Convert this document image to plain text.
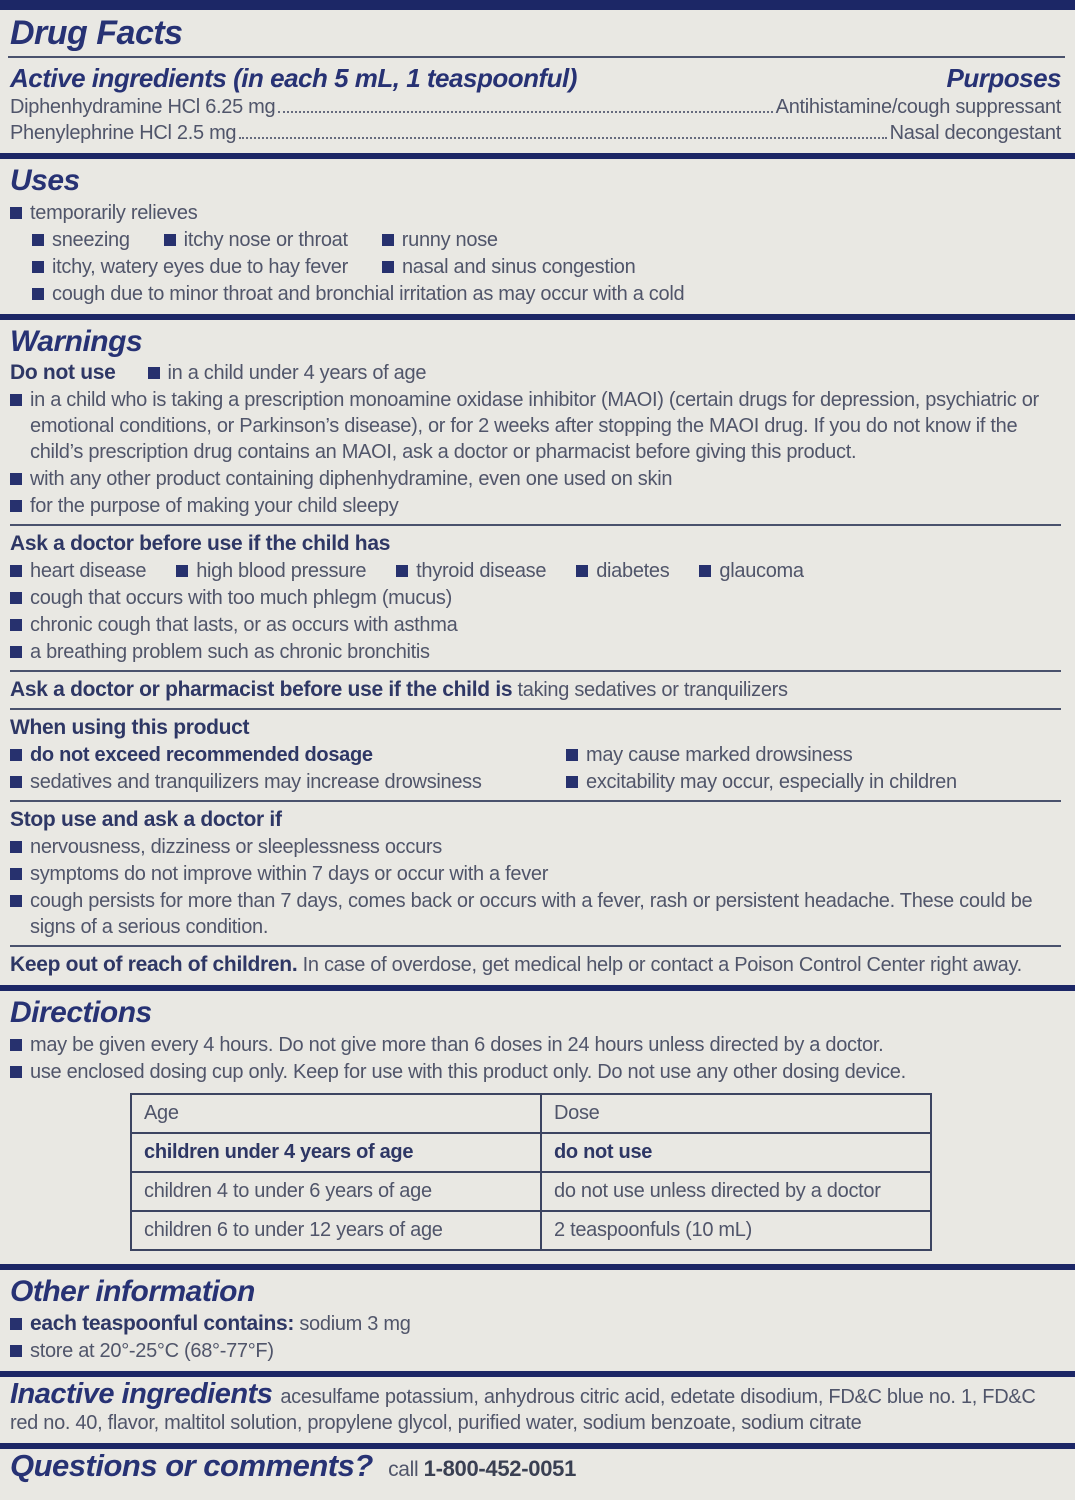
Drug Facts
Active ingredients (in each 5 mL, 1 teaspoonful)	Purposes
Diphenhydramine HCl 6.25 mg	Antihistamine/cough suppressant
Phenylephrine HCl 2.5 mg	Nasal decongestant
Uses
temporarily relieves
sneezing	itchy nose or throat	runny nose
itchy, watery eyes due to hay fever	nasal and sinus congestion
cough due to minor throat and bronchial irritation as may occur with a cold
Warnings
Do not use	in a child under 4 years of age
in a child who is taking a prescription monoamine oxidase inhibitor (MAOI) (certain drugs for depression, psychiatric or emotional conditions, or Parkinson’s disease), or for 2 weeks after stopping the MAOI drug. If you do not know if the child’s prescription drug contains an MAOI, ask a doctor or pharmacist before giving this product.
with any other product containing diphenhydramine, even one used on skin
for the purpose of making your child sleepy
Ask a doctor before use if the child has
heart disease	high blood pressure	thyroid disease	diabetes	glaucoma
cough that occurs with too much phlegm (mucus)
chronic cough that lasts, or as occurs with asthma
a breathing problem such as chronic bronchitis
Ask a doctor or pharmacist before use if the child is taking sedatives or tranquilizers
When using this product
do not exceed recommended dosage	may cause marked drowsiness
sedatives and tranquilizers may increase drowsiness	excitability may occur, especially in children
Stop use and ask a doctor if
nervousness, dizziness or sleeplessness occurs
symptoms do not improve within 7 days or occur with a fever
cough persists for more than 7 days, comes back or occurs with a fever, rash or persistent headache. These could be signs of a serious condition.
Keep out of reach of children. In case of overdose, get medical help or contact a Poison Control Center right away.
Directions
may be given every 4 hours. Do not give more than 6 doses in 24 hours unless directed by a doctor.
use enclosed dosing cup only. Keep for use with this product only. Do not use any other dosing device.
Age	Dose
children under 4 years of age	do not use
children 4 to under 6 years of age	do not use unless directed by a doctor
children 6 to under 12 years of age	2 teaspoonfuls (10 mL)
Other information
each teaspoonful contains: sodium 3 mg
store at 20°-25°C (68°-77°F)
Inactive ingredients acesulfame potassium, anhydrous citric acid, edetate disodium, FD&C blue no. 1, FD&C red no. 40, flavor, maltitol solution, propylene glycol, purified water, sodium benzoate, sodium citrate
Questions or comments? call 1-800-452-0051
